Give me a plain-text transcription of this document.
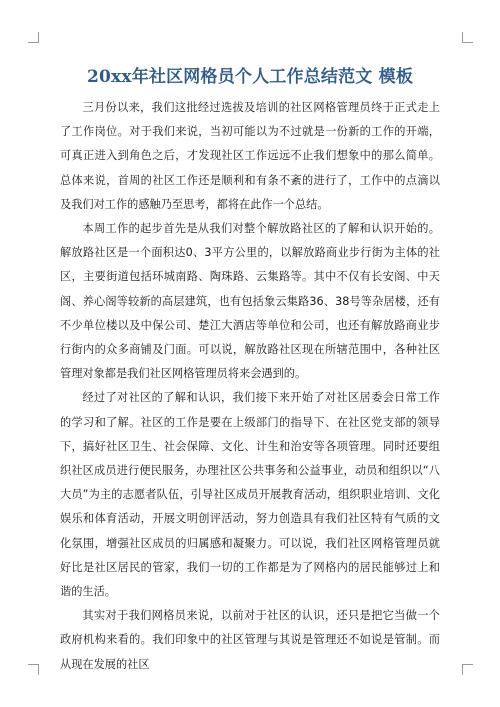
20xx年社区网格员个人工作总结范文 模板

三月份以来，我们这批经过选拔及培训的社区网格管理员终于正式走上了工作岗位。对于我们来说，当初可能以为不过就是一份新的工作的开端，可真正进入到角色之后，才发现社区工作远远不止我们想象中的那么简单。总体来说，首周的社区工作还是顺利和有条不紊的进行了，工作中的点滴以及我们对工作的感触乃至思考，都将在此作一个总结。

本周工作的起步首先是从我们对整个解放路社区的了解和认识开始的。解放路社区是一个面积达0、3平方公里的，以解放路商业步行街为主体的社区，主要街道包括环城南路、陶珠路、云集路等。其中不仅有长安阁、中天阁、养心阁等较新的高层建筑，也有包括象云集路36、38号等杂居楼，还有不少单位楼以及中保公司、楚江大酒店等单位和公司，也还有解放路商业步行街内的众多商铺及门面。可以说，解放路社区现在所辖范围中，各种社区管理对象都是我们社区网格管理员将来会遇到的。

经过了对社区的了解和认识，我们接下来开始了对社区居委会日常工作的学习和了解。社区的工作是要在上级部门的指导下、在社区党支部的领导下，搞好社区卫生、社会保障、文化、计生和治安等各项管理。同时还要组织社区成员进行便民服务，办理社区公共事务和公益事业，动员和组织以“八大员”为主的志愿者队伍，引导社区成员开展教育活动，组织职业培训、文化娱乐和体育活动，开展文明创评活动，努力创造具有我们社区特有气质的文化氛围，增强社区成员的归属感和凝聚力。可以说，我们社区网格管理员就好比是社区居民的管家，我们一切的工作都是为了网格内的居民能够过上和谐的生活。

其实对于我们网格员来说，以前对于社区的认识，还只是把它当做一个政府机构来看的。我们印象中的社区管理与其说是管理还不如说是管制。而从现在发展的社区
